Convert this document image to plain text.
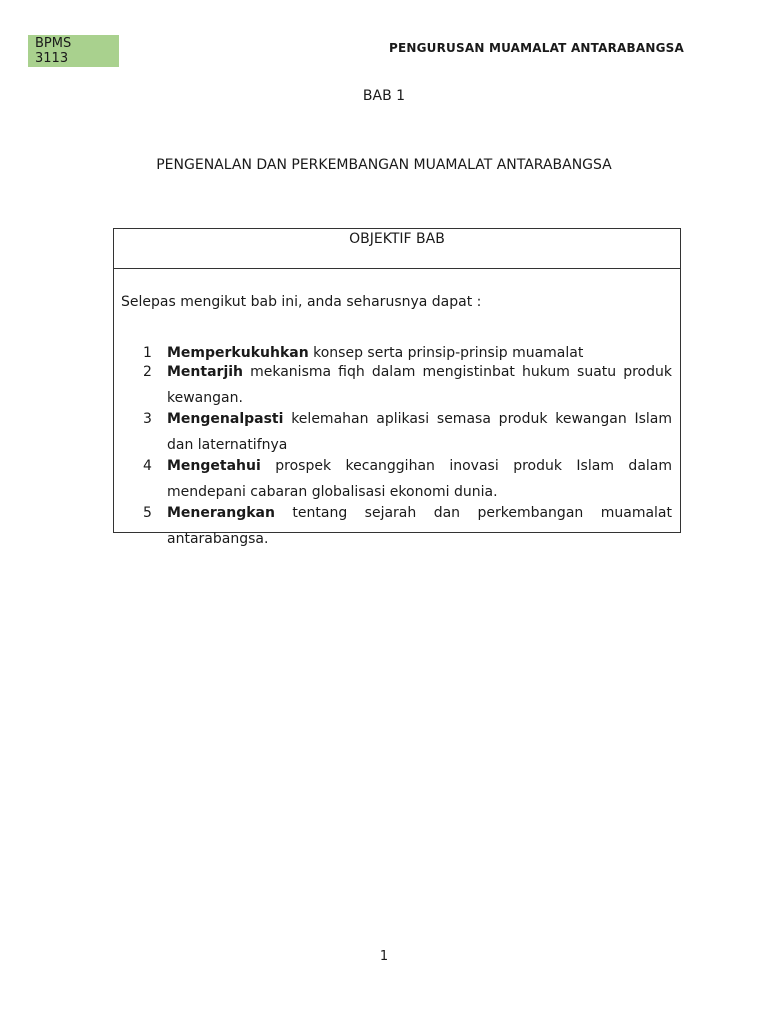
BPMS
3113
PENGURUSAN MUAMALAT ANTARABANGSA
BAB 1
PENGENALAN DAN PERKEMBANGAN MUAMALAT ANTARABANGSA
OBJEKTIF BAB
Selepas mengikut bab ini, anda seharusnya dapat :
1 Memperkukuhkan konsep serta prinsip-prinsip muamalat
2 Mentarjih mekanisma fiqh dalam mengistinbat hukum suatu produk kewangan.
3 Mengenalpasti kelemahan aplikasi semasa produk kewangan Islam dan laternatifnya
4 Mengetahui prospek kecanggihan inovasi produk Islam dalam mendepani cabaran globalisasi ekonomi dunia.
5 Menerangkan tentang sejarah dan perkembangan muamalat antarabangsa.
1
